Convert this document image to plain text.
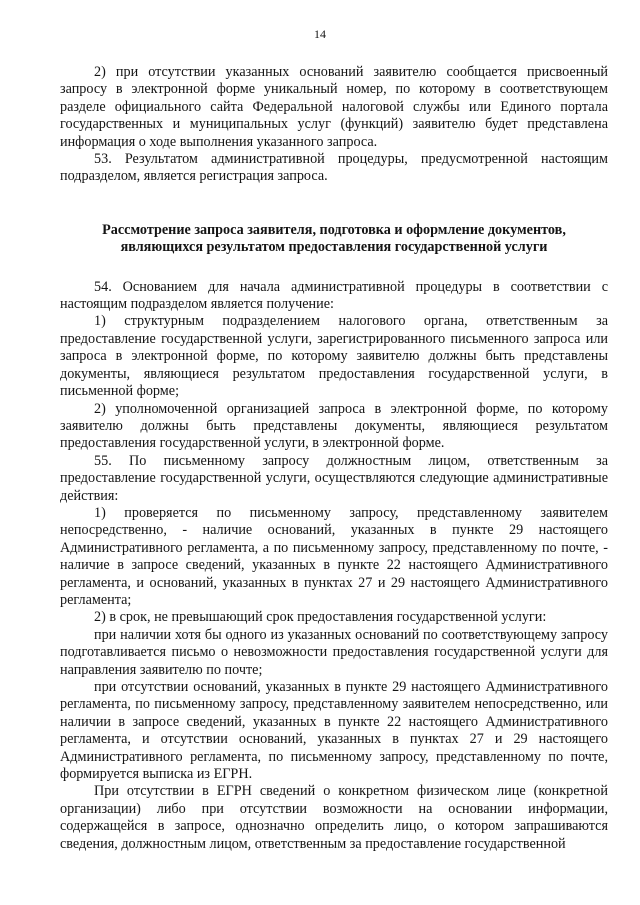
14

2) при отсутствии указанных оснований заявителю сообщается присвоенный запросу в электронной форме уникальный номер, по которому в соответствующем разделе официального сайта Федеральной налоговой службы или Единого портала государственных и муниципальных услуг (функций) заявителю будет представлена информация о ходе выполнения указанного запроса.

53. Результатом административной процедуры, предусмотренной настоящим подразделом, является регистрация запроса.

Рассмотрение запроса заявителя, подготовка и оформление документов,
являющихся результатом предоставления государственной услуги

54. Основанием для начала административной процедуры в соответствии с настоящим подразделом является получение:

1) структурным подразделением налогового органа, ответственным за предоставление государственной услуги, зарегистрированного письменного запроса или запроса в электронной форме, по которому заявителю должны быть представлены документы, являющиеся результатом предоставления государственной услуги, в письменной форме;

2) уполномоченной организацией запроса в электронной форме, по которому заявителю должны быть представлены документы, являющиеся результатом предоставления государственной услуги, в электронной форме.

55. По письменному запросу должностным лицом, ответственным за предоставление государственной услуги, осуществляются следующие административные действия:

1) проверяется по письменному запросу, представленному заявителем непосредственно, - наличие оснований, указанных в пункте 29 настоящего Административного регламента, а по письменному запросу, представленному по почте, - наличие в запросе сведений, указанных в пункте 22 настоящего Административного регламента, и оснований, указанных в пунктах 27 и 29 настоящего Административного регламента;

2) в срок, не превышающий срок предоставления государственной услуги:

при наличии хотя бы одного из указанных оснований по соответствующему запросу подготавливается письмо о невозможности предоставления государственной услуги для направления заявителю по почте;

при отсутствии оснований, указанных в пункте 29 настоящего Административного регламента, по письменному запросу, представленному заявителем непосредственно, или наличии в запросе сведений, указанных в пункте 22 настоящего Административного регламента, и отсутствии оснований, указанных в пунктах 27 и 29 настоящего Административного регламента, по письменному запросу, представленному по почте, формируется выписка из ЕГРН.

При отсутствии в ЕГРН сведений о конкретном физическом лице (конкретной организации) либо при отсутствии возможности на основании информации, содержащейся в запросе, однозначно определить лицо, о котором запрашиваются сведения, должностным лицом, ответственным за предоставление государственной
